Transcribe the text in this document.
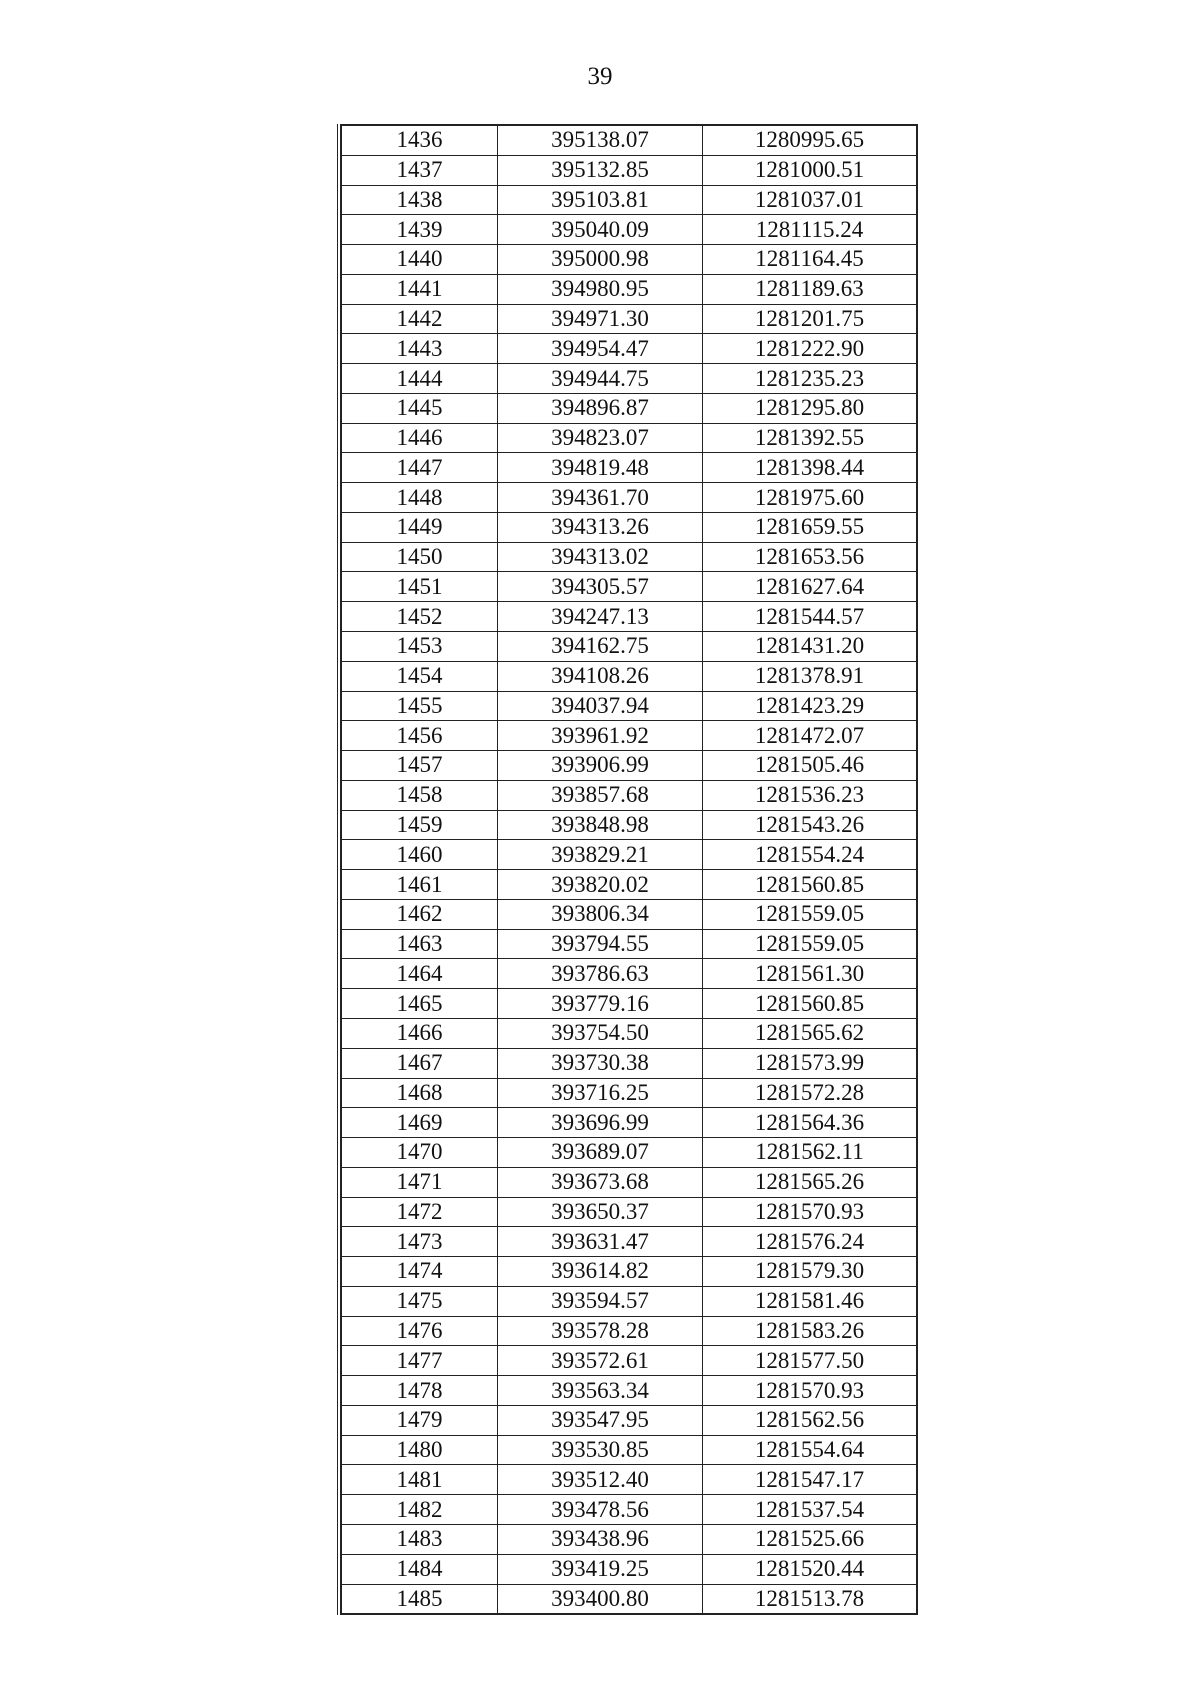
39
1436	395138.07	1280995.65
1437	395132.85	1281000.51
1438	395103.81	1281037.01
1439	395040.09	1281115.24
1440	395000.98	1281164.45
1441	394980.95	1281189.63
1442	394971.30	1281201.75
1443	394954.47	1281222.90
1444	394944.75	1281235.23
1445	394896.87	1281295.80
1446	394823.07	1281392.55
1447	394819.48	1281398.44
1448	394361.70	1281975.60
1449	394313.26	1281659.55
1450	394313.02	1281653.56
1451	394305.57	1281627.64
1452	394247.13	1281544.57
1453	394162.75	1281431.20
1454	394108.26	1281378.91
1455	394037.94	1281423.29
1456	393961.92	1281472.07
1457	393906.99	1281505.46
1458	393857.68	1281536.23
1459	393848.98	1281543.26
1460	393829.21	1281554.24
1461	393820.02	1281560.85
1462	393806.34	1281559.05
1463	393794.55	1281559.05
1464	393786.63	1281561.30
1465	393779.16	1281560.85
1466	393754.50	1281565.62
1467	393730.38	1281573.99
1468	393716.25	1281572.28
1469	393696.99	1281564.36
1470	393689.07	1281562.11
1471	393673.68	1281565.26
1472	393650.37	1281570.93
1473	393631.47	1281576.24
1474	393614.82	1281579.30
1475	393594.57	1281581.46
1476	393578.28	1281583.26
1477	393572.61	1281577.50
1478	393563.34	1281570.93
1479	393547.95	1281562.56
1480	393530.85	1281554.64
1481	393512.40	1281547.17
1482	393478.56	1281537.54
1483	393438.96	1281525.66
1484	393419.25	1281520.44
1485	393400.80	1281513.78
